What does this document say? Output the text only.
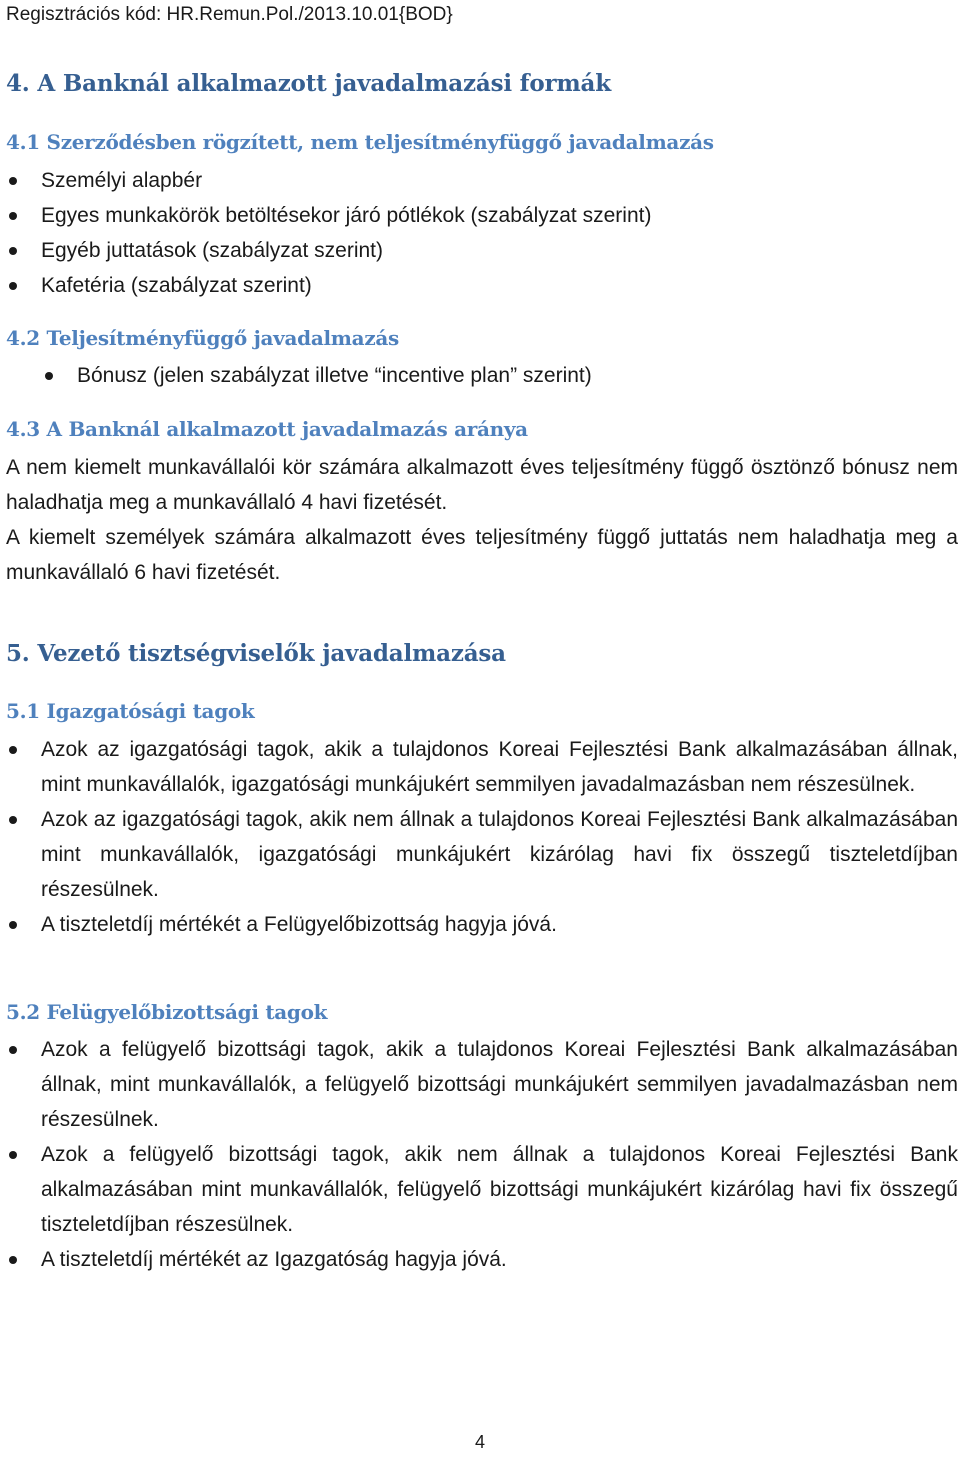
Regisztrációs kód: HR.Remun.Pol./2013.10.01{BOD}
4. A Banknál alkalmazott javadalmazási formák
4.1 Szerződésben rögzített, nem teljesítményfüggő javadalmazás
Személyi alapbér
Egyes munkakörök betöltésekor járó pótlékok (szabályzat szerint)
Egyéb juttatások (szabályzat szerint)
Kafetéria (szabályzat szerint)
4.2 Teljesítményfüggő javadalmazás
Bónusz (jelen szabályzat illetve “incentive plan” szerint)
4.3 A Banknál alkalmazott javadalmazás aránya

A nem kiemelt munkavállalói kör számára alkalmazott éves teljesítmény függő ösztönző bónusz nem haladhatja meg a munkavállaló 4 havi fizetését.

A kiemelt személyek számára alkalmazott éves teljesítmény függő juttatás nem haladhatja meg a munkavállaló 6 havi fizetését.

5. Vezető tisztségviselők javadalmazása
5.1 Igazgatósági tagok
Azok az igazgatósági tagok, akik a tulajdonos Koreai Fejlesztési Bank alkalmazásában állnak, mint munkavállalók, igazgatósági munkájukért semmilyen javadalmazásban nem részesülnek.
Azok az igazgatósági tagok, akik nem állnak a tulajdonos Koreai Fejlesztési Bank alkalmazásában mint munkavállalók, igazgatósági munkájukért kizárólag havi fix összegű tiszteletdíjban részesülnek.
A tiszteletdíj mértékét a Felügyelőbizottság hagyja jóvá.
5.2 Felügyelőbizottsági tagok
Azok a felügyelő bizottsági tagok, akik a tulajdonos Koreai Fejlesztési Bank alkalmazásában állnak, mint munkavállalók, a felügyelő bizottsági munkájukért semmilyen javadalmazásban nem részesülnek.
Azok a felügyelő bizottsági tagok, akik nem állnak a tulajdonos Koreai Fejlesztési Bank alkalmazásában mint munkavállalók, felügyelő bizottsági munkájukért kizárólag havi fix összegű tiszteletdíjban részesülnek.
A tiszteletdíj mértékét az Igazgatóság hagyja jóvá.
4
